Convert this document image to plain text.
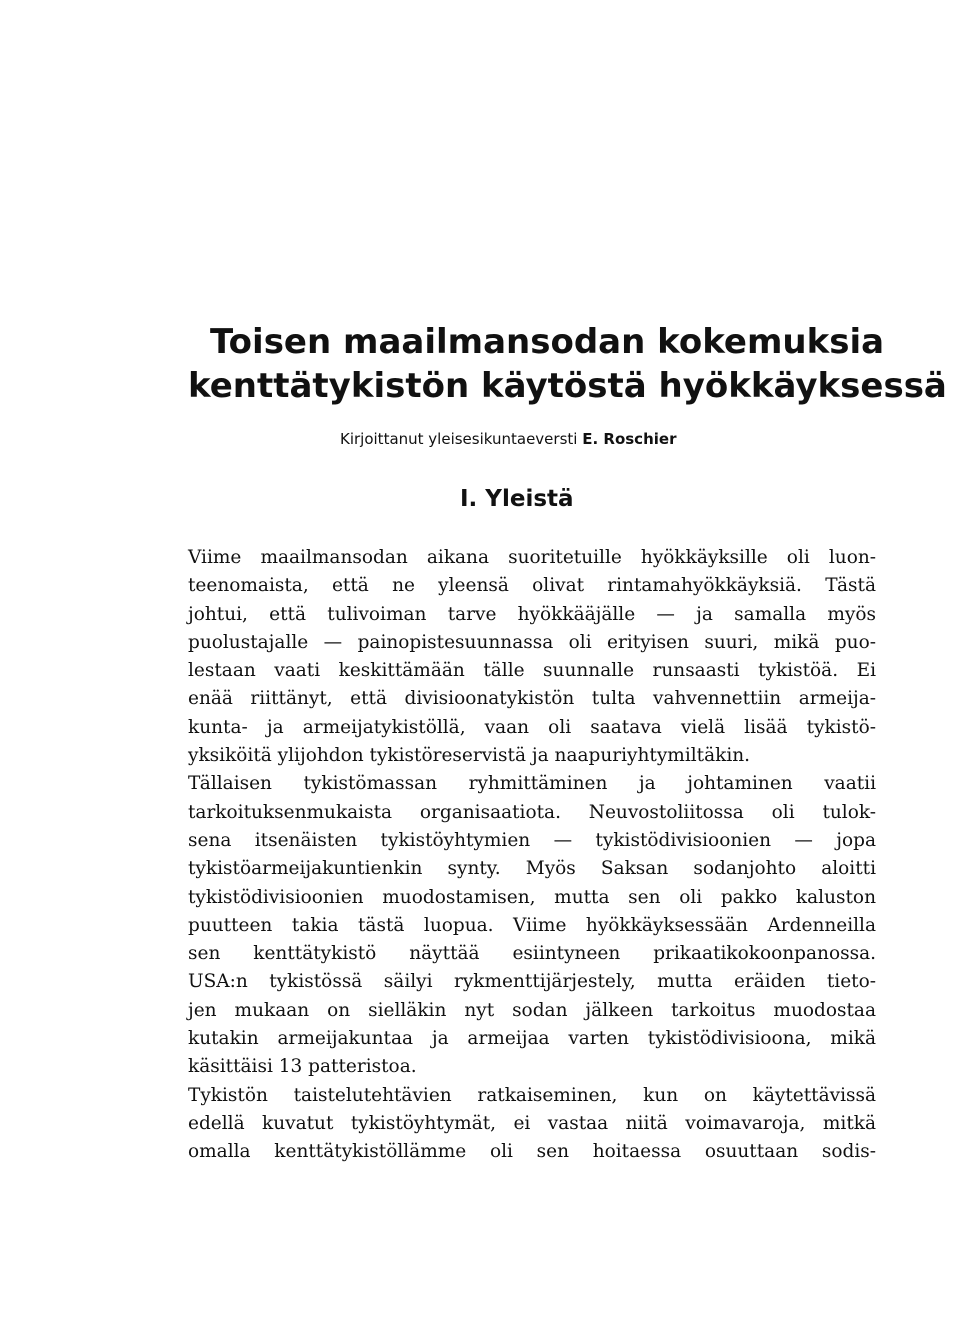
Toisen maailmansodan kokemuksia
kenttätykistön käytöstä hyökkäyksessä
Kirjoittanut yleisesikuntaeversti E. Roschier
I. Yleistä
Viime maailmansodan aikana suoritetuille hyökkäyksille oli luon-
teenomaista, että ne yleensä olivat rintamahyökkäyksiä. Tästä
johtui, että tulivoiman tarve hyökkääjälle — ja samalla myös
puolustajalle — painopistesuunnassa oli erityisen suuri, mikä puo-
lestaan vaati keskittämään tälle suunnalle runsaasti tykistöä. Ei
enää riittänyt, että divisioonatykistön tulta vahvennettiin armeija-
kunta- ja armeijatykistöllä, vaan oli saatava vielä lisää tykistö-
yksiköitä ylijohdon tykistöreservistä ja naapuriyhtymiltäkin.
Tällaisen tykistömassan ryhmittäminen ja johtaminen vaatii
tarkoituksenmukaista organisaatiota. Neuvostoliitossa oli tulok-
sena itsenäisten tykistöyhtymien — tykistödivisioonien — jopa
tykistöarmeijakuntienkin synty. Myös Saksan sodanjohto aloitti
tykistödivisioonien muodostamisen, mutta sen oli pakko kaluston
puutteen takia tästä luopua. Viime hyökkäyksessään Ardenneilla
sen kenttätykistö näyttää esiintyneen prikaatikokoonpanossa.
USA:n tykistössä säilyi rykmenttijärjestely, mutta eräiden tieto-
jen mukaan on sielläkin nyt sodan jälkeen tarkoitus muodostaa
kutakin armeijakuntaa ja armeijaa varten tykistödivisioona, mikä
käsittäisi 13 patteristoa.
Tykistön taistelutehtävien ratkaiseminen, kun on käytettävissä
edellä kuvatut tykistöyhtymät, ei vastaa niitä voimavaroja, mitkä
omalla kenttätykistöllämme oli sen hoitaessa osuuttaan sodis-
